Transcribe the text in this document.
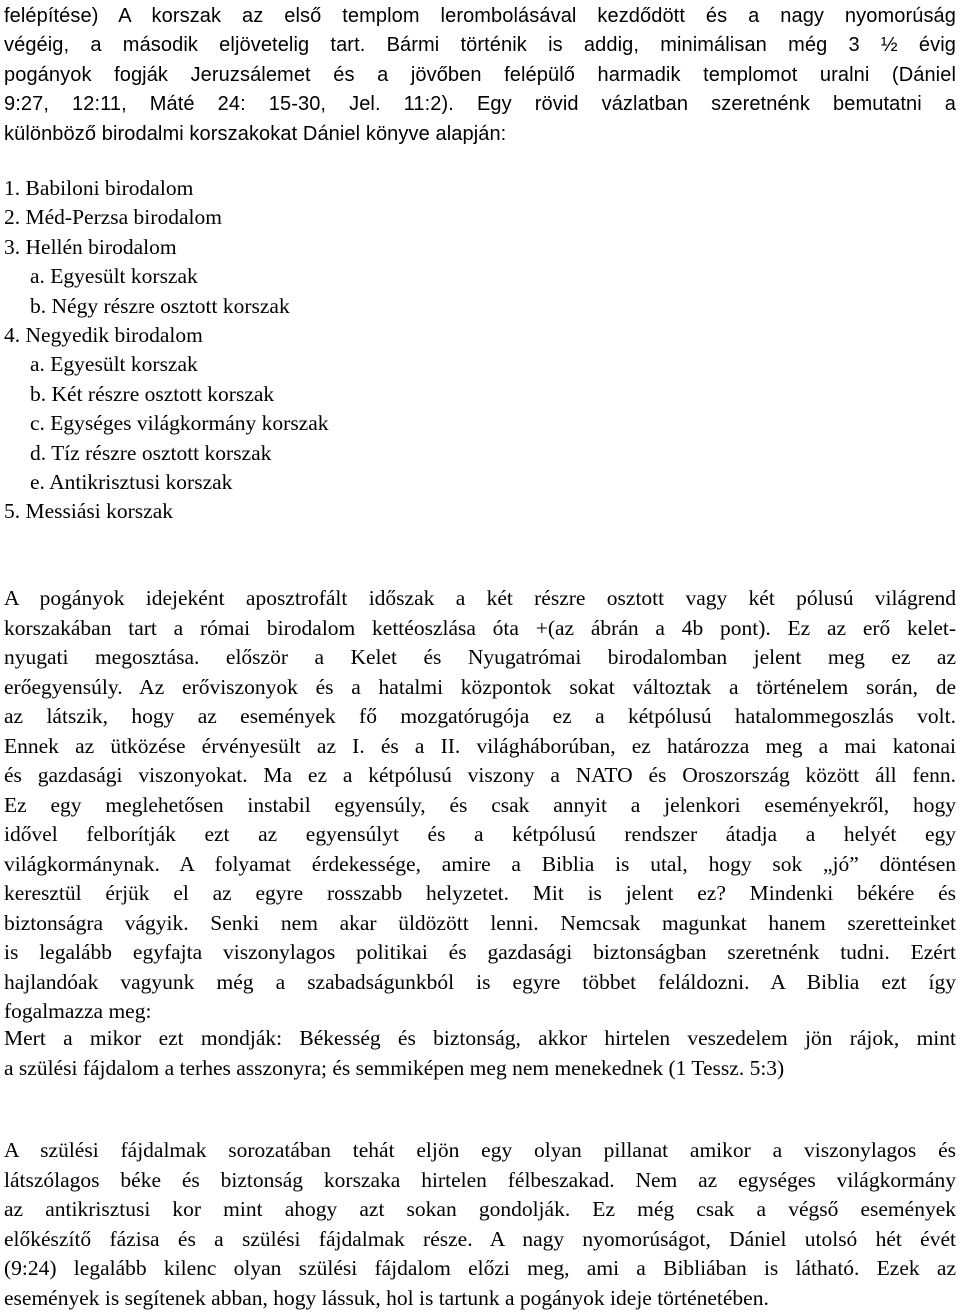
felépítése) A korszak az első templom lerombolásával kezdődött és a nagy nyomorúság
végéig, a második eljövetelig tart. Bármi történik is addig, minimálisan még 3 ½ évig
pogányok fogják Jeruzsálemet és a jövőben felépülő harmadik templomot uralni (Dániel
9:27, 12:11, Máté 24: 15-30, Jel. 11:2). Egy rövid vázlatban szeretnénk bemutatni a
különböző birodalmi korszakokat Dániel könyve alapján:
1. Babiloni birodalom
2. Méd-Perzsa birodalom
3. Hellén birodalom
a. Egyesült korszak
b. Négy részre osztott korszak
4. Negyedik birodalom
a. Egyesült korszak
b. Két részre osztott korszak
c. Egységes világkormány korszak
d. Tíz részre osztott korszak
e. Antikrisztusi korszak
5. Messiási korszak
A pogányok idejeként aposztrofált időszak a két részre osztott vagy két pólusú világrend
korszakában tart a római birodalom kettéoszlása óta +(az ábrán a 4b pont). Ez az erő kelet-
nyugati megosztása. először a Kelet és Nyugatrómai birodalomban jelent meg ez az
erőegyensúly. Az erőviszonyok és a hatalmi központok sokat változtak a történelem során, de
az látszik, hogy az események fő mozgatórugója ez a kétpólusú hatalommegoszlás volt.
Ennek az ütközése érvényesült az I. és a II. világháborúban, ez határozza meg a mai katonai
és gazdasági viszonyokat. Ma ez a kétpólusú viszony a NATO és Oroszország között áll fenn.
Ez egy meglehetősen instabil egyensúly, és csak annyit a jelenkori eseményekről, hogy
idővel felborítják ezt az egyensúlyt és a kétpólusú rendszer átadja a helyét egy
világkormánynak. A folyamat érdekessége, amire a Biblia is utal, hogy sok „jó” döntésen
keresztül érjük el az egyre rosszabb helyzetet. Mit is jelent ez? Mindenki békére és
biztonságra vágyik. Senki nem akar üldözött lenni. Nemcsak magunkat hanem szeretteinket
is legalább egyfajta viszonylagos politikai és gazdasági biztonságban szeretnénk tudni. Ezért
hajlandóak vagyunk még a szabadságunkból is egyre többet feláldozni. A Biblia ezt így
fogalmazza meg:
Mert a mikor ezt mondják: Békesség és biztonság, akkor hirtelen veszedelem jön rájok, mint
a szülési fájdalom a terhes asszonyra; és semmiképen meg nem menekednek (1 Tessz. 5:3)
A szülési fájdalmak sorozatában tehát eljön egy olyan pillanat amikor a viszonylagos és
látszólagos béke és biztonság korszaka hirtelen félbeszakad. Nem az egységes világkormány
az antikrisztusi kor mint ahogy azt sokan gondolják. Ez még csak a végső események
előkészítő fázisa és a szülési fájdalmak része. A nagy nyomorúságot, Dániel utolsó hét évét
(9:24) legalább kilenc olyan szülési fájdalom előzi meg, ami a Bibliában is látható. Ezek az
események is segítenek abban, hogy lássuk, hol is tartunk a pogányok ideje történetében.
